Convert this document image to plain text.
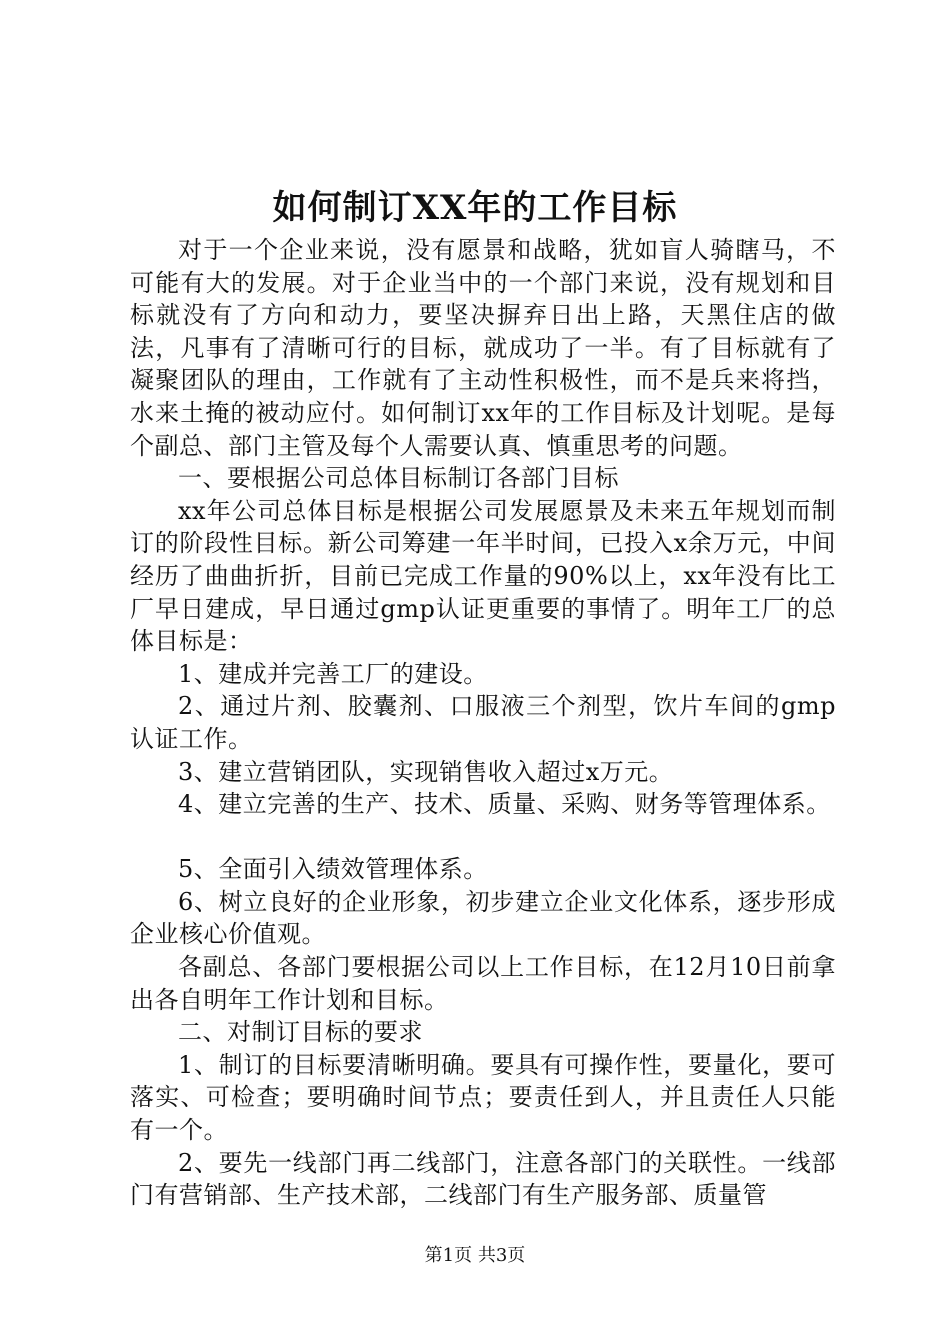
如何制订XX年的工作目标

对于一个企业来说，没有愿景和战略，犹如盲人骑瞎马，不可能有大的发展。对于企业当中的一个部门来说，没有规划和目标就没有了方向和动力，要坚决摒弃日出上路，天黑住店的做法，凡事有了清晰可行的目标，就成功了一半。有了目标就有了凝聚团队的理由，工作就有了主动性积极性，而不是兵来将挡，水来土掩的被动应付。如何制订xx年的工作目标及计划呢。是每个副总、部门主管及每个人需要认真、慎重思考的问题。

一、要根据公司总体目标制订各部门目标

xx年公司总体目标是根据公司发展愿景及未来五年规划而制订的阶段性目标。新公司筹建一年半时间，已投入x余万元，中间经历了曲曲折折，目前已完成工作量的90%以上，xx年没有比工厂早日建成，早日通过gmp认证更重要的事情了。明年工厂的总体目标是：

1、建成并完善工厂的建设。

2、通过片剂、胶囊剂、口服液三个剂型，饮片车间的gmp认证工作。

3、建立营销团队，实现销售收入超过x万元。

4、建立完善的生产、技术、质量、采购、财务等管理体系。

5、全面引入绩效管理体系。

6、树立良好的企业形象，初步建立企业文化体系，逐步形成企业核心价值观。

各副总、各部门要根据公司以上工作目标，在12月10日前拿出各自明年工作计划和目标。

二、对制订目标的要求

1、制订的目标要清晰明确。要具有可操作性，要量化，要可落实、可检查；要明确时间节点；要责任到人，并且责任人只能有一个。

2、要先一线部门再二线部门，注意各部门的关联性。一线部门有营销部、生产技术部，二线部门有生产服务部、质量管

第1页 共3页
